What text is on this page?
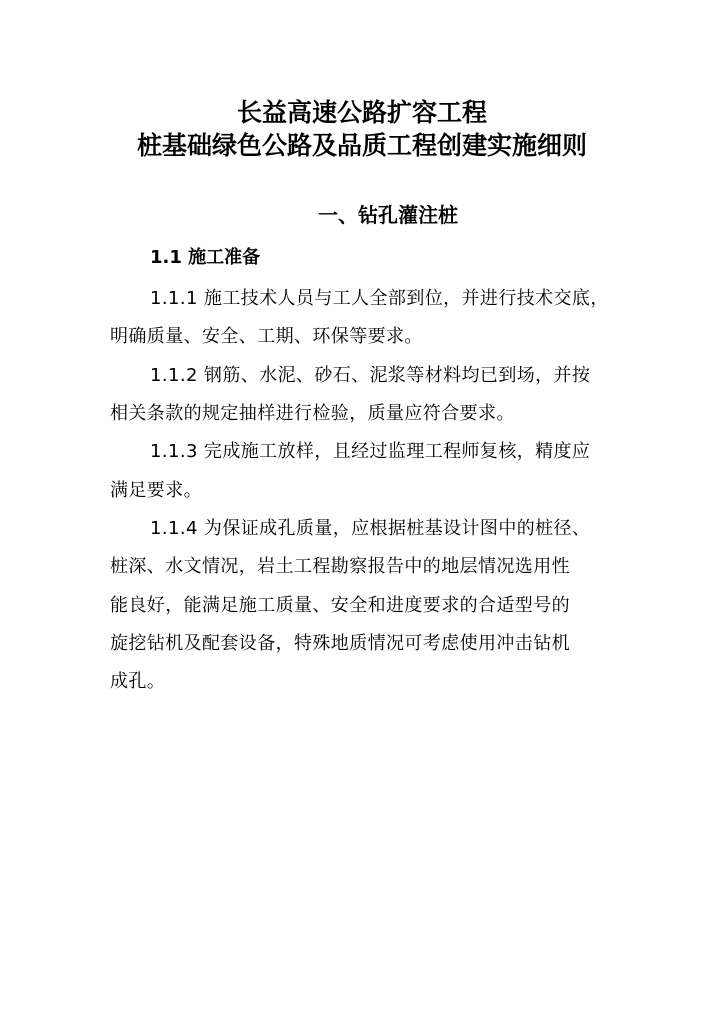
长益高速公路扩容工程
桩基础绿色公路及品质工程创建实施细则
一、钻孔灌注桩
1.1 施工准备
1.1.1 施工技术人员与工人全部到位，并进行技术交底，
明确质量、安全、工期、环保等要求。
1.1.2 钢筋、水泥、砂石、泥浆等材料均已到场，并按
相关条款的规定抽样进行检验，质量应符合要求。
1.1.3 完成施工放样，且经过监理工程师复核，精度应
满足要求。
1.1.4 为保证成孔质量，应根据桩基设计图中的桩径、
桩深、水文情况，岩土工程勘察报告中的地层情况选用性
能良好，能满足施工质量、安全和进度要求的合适型号的
旋挖钻机及配套设备，特殊地质情况可考虑使用冲击钻机
成孔。
